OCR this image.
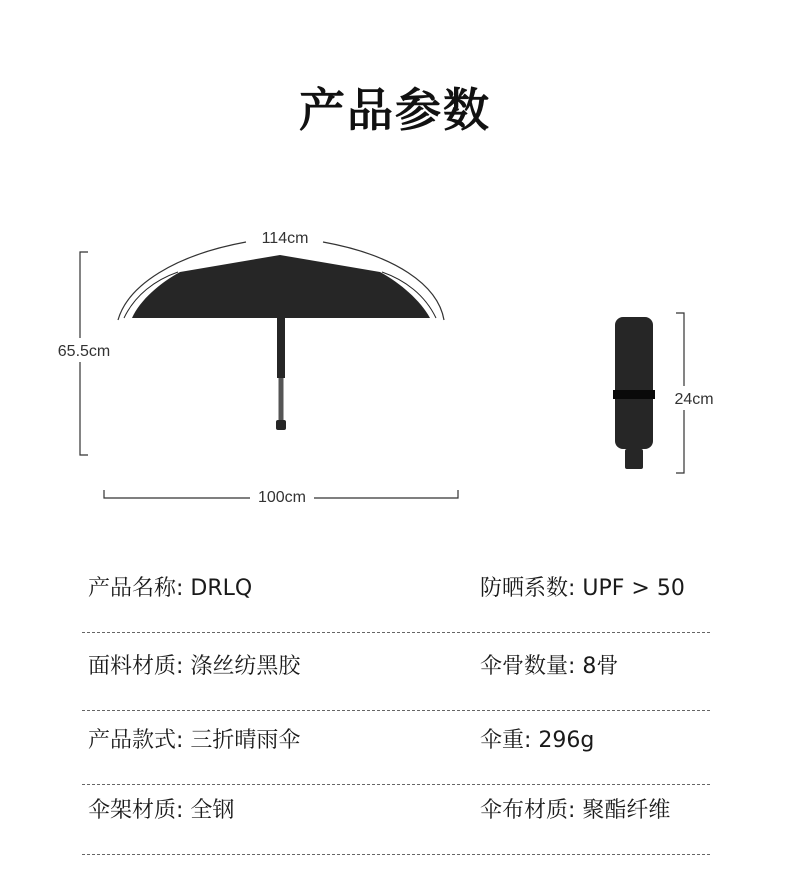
产品参数
114cm
65.5cm
100cm
24cm
产品名称: DRLQ	防晒系数: UPF > 50
面料材质: 涤丝纺黑胶	伞骨数量: 8骨
产品款式: 三折晴雨伞	伞重: 296g
伞架材质: 全钢	伞布材质: 聚酯纤维
